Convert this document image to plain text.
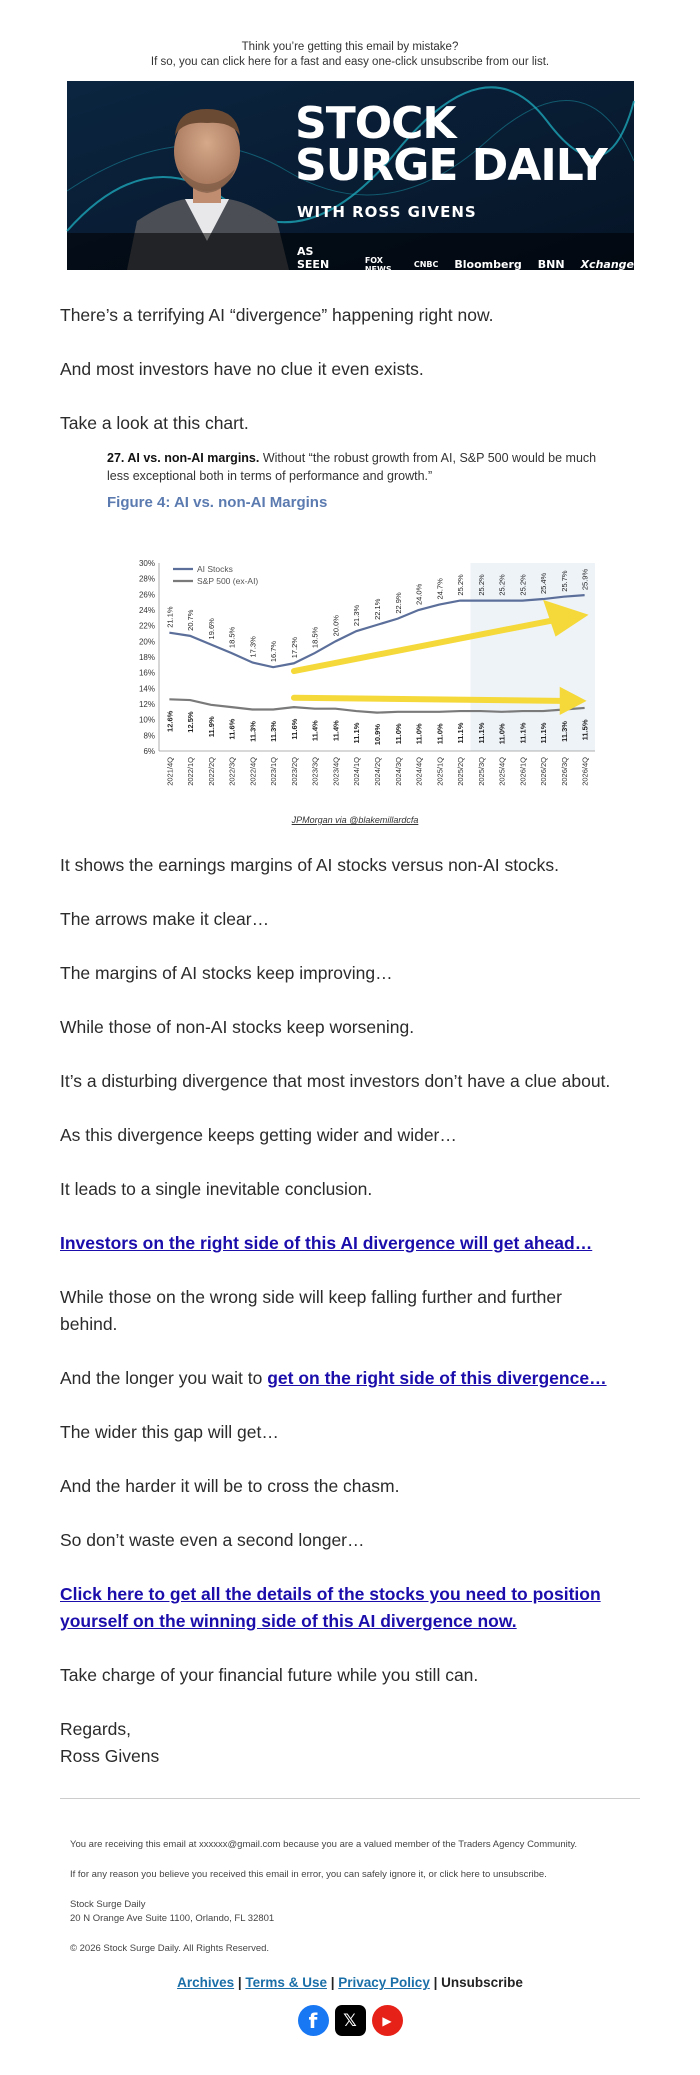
Think you’re getting this email by mistake?
If so, you can click here for a fast and easy one-click unsubscribe from our list.
STOCK
SURGE DAILY
WITH ROSS GIVENS
AS SEEN ON
FOX NEWS	CNBC Bloomberg BNN Xchange
There’s a terrifying AI “divergence” happening right now.
And most investors have no clue it even exists.
Take a look at this chart.
27. AI vs. non-AI margins. Without “the robust growth from AI, S&P 500 would be much less exceptional both in terms of performance and growth.”
Figure 4: AI vs. non-AI Margins
30%
28%
26%
24%
22%
20%
18%
16%
14%
12%
10%
8%
6%
2021/4Q 2022/1Q 2022/2Q 2022/3Q 2022/4Q 2023/1Q 2023/2Q 2023/3Q 2023/4Q 2024/1Q 2024/2Q 2024/3Q 2024/4Q 2025/1Q 2025/2Q 2025/3Q 2025/4Q 2026/1Q 2026/2Q 2026/3Q 2026/4Q
21.1% 20.7% 19.6% 18.5% 17.3% 16.7% 17.2% 18.5%
20.0% 21.3% 22.1% 22.9% 24.0% 24.7% 25.2% 25.2% 25.2% 25.2% 25.4% 25.7% 25.9%
12.6% 12.5% 11.9% 11.6% 11.3% 11.3% 11.6% 11.4% 11.4% 11.1% 10.9% 11.0% 11.0% 11.0% 11.1% 11.1% 11.0% 11.1% 11.1% 11.3% 11.5%
AI Stocks
S&P 500 (ex-AI)
JPMorgan via @blakemillardcfa
It shows the earnings margins of AI stocks versus non-AI stocks.
The arrows make it clear…
The margins of AI stocks keep improving…
While those of non-AI stocks keep worsening.
It’s a disturbing divergence that most investors don’t have a clue about.
As this divergence keeps getting wider and wider…
It leads to a single inevitable conclusion.
Investors on the right side of this AI divergence will get ahead…
While those on the wrong side will keep falling further and further behind.
And the longer you wait to get on the right side of this divergence…
The wider this gap will get…
And the harder it will be to cross the chasm.
So don’t waste even a second longer…
Click here to get all the details of the stocks you need to position yourself on the winning side of this AI divergence now.
Take charge of your financial future while you still can.
Regards,
Ross Givens
You are receiving this email at xxxxxx@gmail.com because you are a valued member of the Traders Agency Community.
If for any reason you believe you received this email in error, you can safely ignore it, or click here to unsubscribe.
Stock Surge Daily
20 N Orange Ave Suite 1100, Orlando, FL 32801
© 2026 Stock Surge Daily. All Rights Reserved.
Archives | Terms & Use | Privacy Policy | Unsubscribe
f	𝕏	▶
